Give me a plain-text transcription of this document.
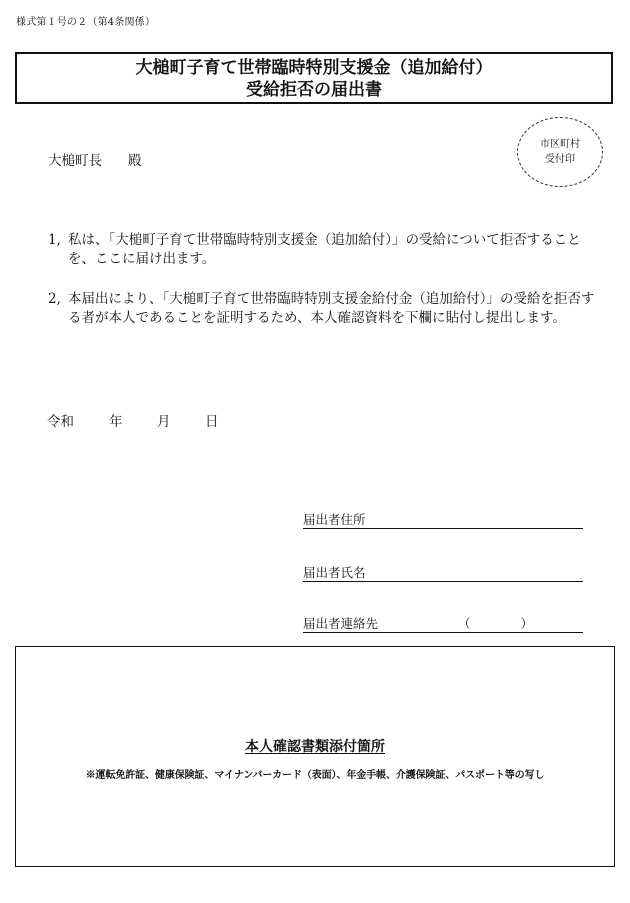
様式第１号の２（第4条関係）
大槌町子育て世帯臨時特別支援金（追加給付）
受給拒否の届出書
大槌町長 殿
市区町村
受付印
1, 私は、「大槌町子育て世帯臨時特別支援金（追加給付）」の受給について拒否することを、ここに届け出ます。
2, 本届出により、「大槌町子育て世帯臨時特別支援金給付金（追加給付）」の受給を拒否する者が本人であることを証明するため、本人確認資料を下欄に貼付し提出します。
令和	年	月	日
届出者住所
届出者氏名
届出者連絡先	（　　　　）
本人確認書類添付箇所
※運転免許証、健康保険証、マイナンバーカード（表面）、年金手帳、介護保険証、パスポート等の写し
